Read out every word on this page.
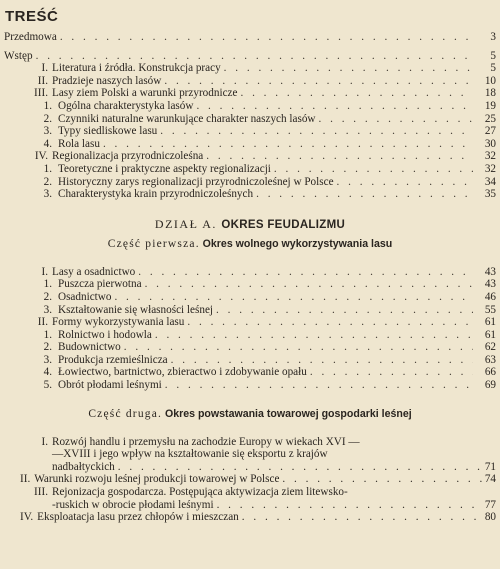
TREŚĆ
Przedmowa . . .	3
Wstęp . . .	5
I. Literatura i źródła. Konstrukcja pracy . . .	5
II. Pradzieje naszych lasów . . .	10
III. Lasy ziem Polski a warunki przyrodnicze . . .	18
1. Ogólna charakterystyka lasów . . .	19
2. Czynniki naturalne warunkujące charakter naszych lasów . . .	25
3. Typy siedliskowe lasu . . .	27
4. Rola lasu . . .	30
IV. Regionalizacja przyrodniczoleśna . . .	32
1. Teoretyczne i praktyczne aspekty regionalizacji . . .	32
2. Historyczny zarys regionalizacji przyrodniczoleśnej w Polsce . . .	34
3. Charakterystyka krain przyrodniczoleśnych . . .	35
DZIAŁ A. OKRES FEUDALIZMU
Część pierwsza. Okres wolnego wykorzystywania lasu
I. Lasy a osadnictwo . . .	43
1. Puszcza pierwotna . . .	43
2. Osadnictwo . . .	46
3. Kształtowanie się własności leśnej . . .	55
II. Formy wykorzystywania lasu . . .	61
1. Rolnictwo i hodowla . . .	61
2. Budownictwo . . .	62
3. Produkcja rzemieślnicza . . .	63
4. Łowiectwo, bartnictwo, zbieractwo i zdobywanie opału . . .	66
5. Obrót płodami leśnymi . . .	69
Część druga. Okres powstawania towarowej gospodarki leśnej
I. Rozwój handlu i przemysłu na zachodzie Europy w wiekach XVI —
—XVIII i jego wpływ na kształtowanie się eksportu z krajów
nadbałtyckich . . .	71
II. Warunki rozwoju leśnej produkcji towarowej w Polsce . . .	74
III. Rejonizacja gospodarcza. Postępująca aktywizacja ziem litewsko-
-ruskich w obrocie płodami leśnymi . . .	77
IV. Eksploatacja lasu przez chłopów i mieszczan . . .	80
